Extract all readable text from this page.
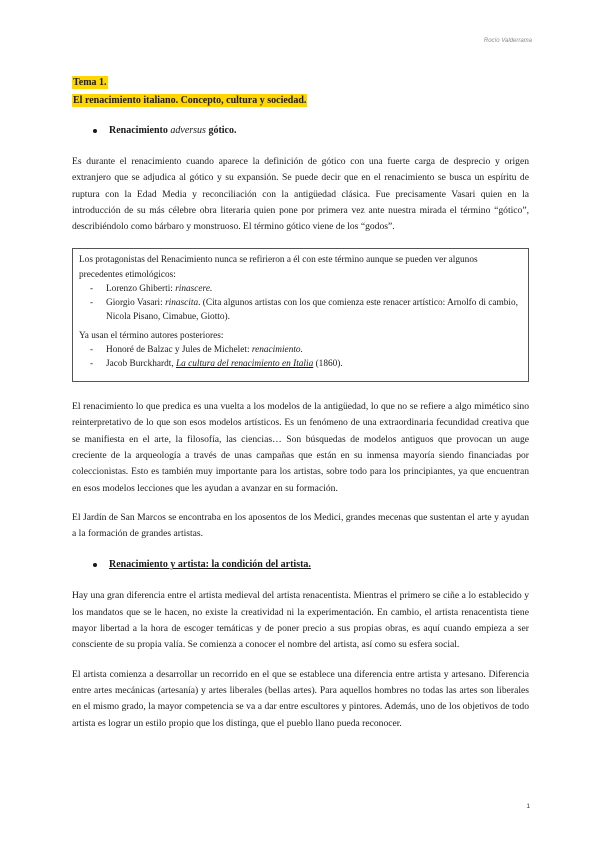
Rocío Valderrama
Tema 1.
El renacimiento italiano. Concepto, cultura y sociedad.
Renacimiento adversus gótico.

Es durante el renacimiento cuando aparece la definición de gótico con una fuerte carga de desprecio y origen extranjero que se adjudica al gótico y su expansión. Se puede decir que en el renacimiento se busca un espíritu de ruptura con la Edad Media y reconciliación con la antigüedad clásica. Fue precisamente Vasari quien en la introducción de su más célebre obra literaria quien pone por primera vez ante nuestra mirada el término “gótico”, describiéndolo como bárbaro y monstruoso. El término gótico viene de los “godos”.

Los protagonistas del Renacimiento nunca se refirieron a él con este término aunque se pueden ver algunos precedentes etimológicos:

- Lorenzo Ghiberti: rinascere.
- Giorgio Vasari: rinascita. (Cita algunos artistas con los que comienza este renacer artístico: Arnolfo di cambio, Nicola Pisano, Cimabue, Giotto).

Ya usan el término autores posteriores:

- Honoré de Balzac y Jules de Michelet: renacimiento.
- Jacob Burckhardt, La cultura del renacimiento en Italia (1860).

El renacimiento lo que predica es una vuelta a los modelos de la antigüedad, lo que no se refiere a algo mimético sino reinterpretativo de lo que son esos modelos artísticos. Es un fenómeno de una extraordinaria fecundidad creativa que se manifiesta en el arte, la filosofía, las ciencias… Son búsquedas de modelos antiguos que provocan un auge creciente de la arqueología a través de unas campañas que están en su inmensa mayoría siendo financiadas por coleccionistas. Esto es también muy importante para los artistas, sobre todo para los principiantes, ya que encuentran en esos modelos lecciones que les ayudan a avanzar en su formación.

El Jardín de San Marcos se encontraba en los aposentos de los Medici, grandes mecenas que sustentan el arte y ayudan a la formación de grandes artistas.

Renacimiento y artista: la condición del artista.

Hay una gran diferencia entre el artista medieval del artista renacentista. Mientras el primero se ciñe a lo establecido y los mandatos que se le hacen, no existe la creatividad ni la experimentación. En cambio, el artista renacentista tiene mayor libertad a la hora de escoger temáticas y de poner precio a sus propias obras, es aquí cuando empieza a ser consciente de su propia valía. Se comienza a conocer el nombre del artista, así como su esfera social.

El artista comienza a desarrollar un recorrido en el que se establece una diferencia entre artista y artesano. Diferencia entre artes mecánicas (artesanía) y artes liberales (bellas artes). Para aquellos hombres no todas las artes son liberales en el mismo grado, la mayor competencia se va a dar entre escultores y pintores. Además, uno de los objetivos de todo artista es lograr un estilo propio que los distinga, que el pueblo llano pueda reconocer.

1
